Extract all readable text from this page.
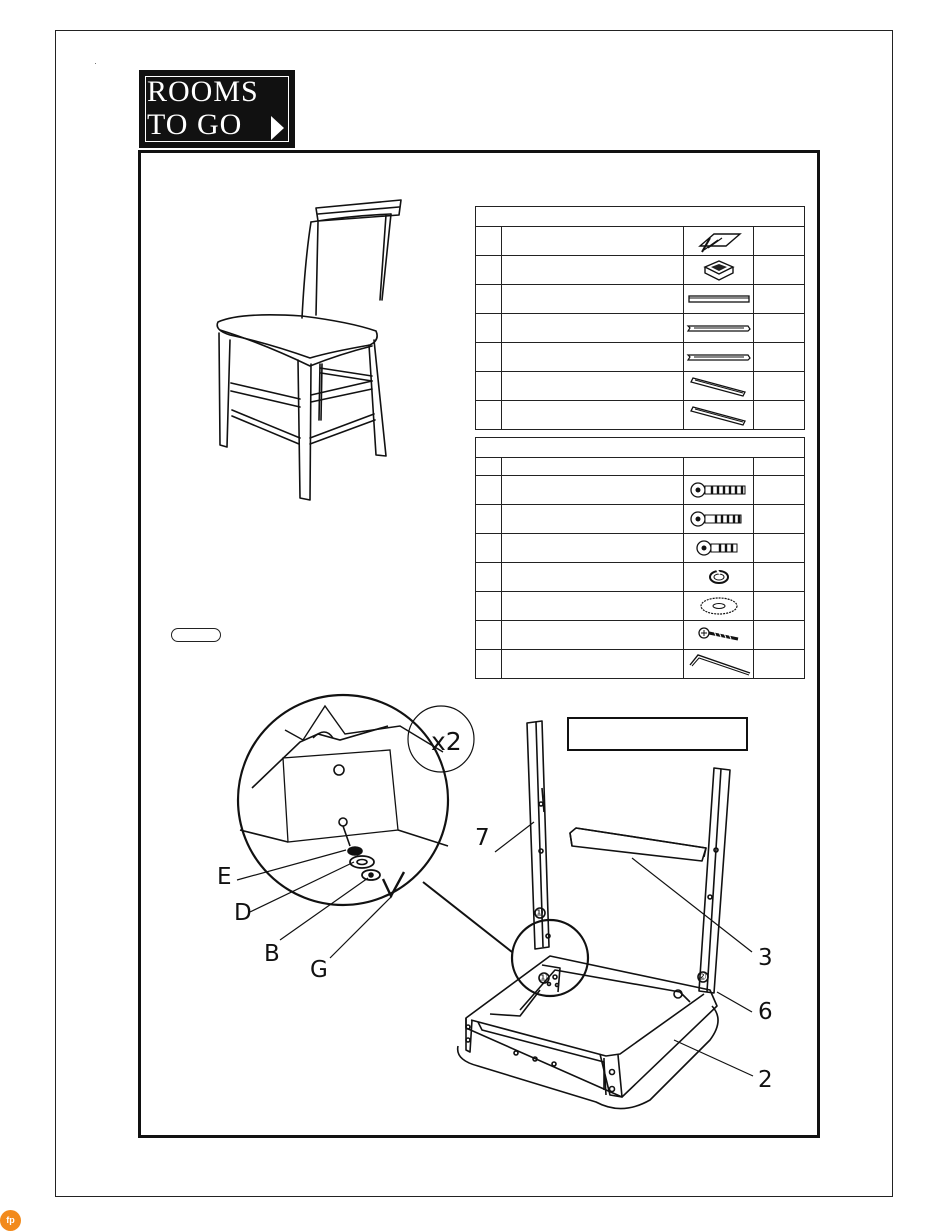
ROOMS
TO GO

x2
E
D
B
G
7
3
6
2
①
①	②
fp
